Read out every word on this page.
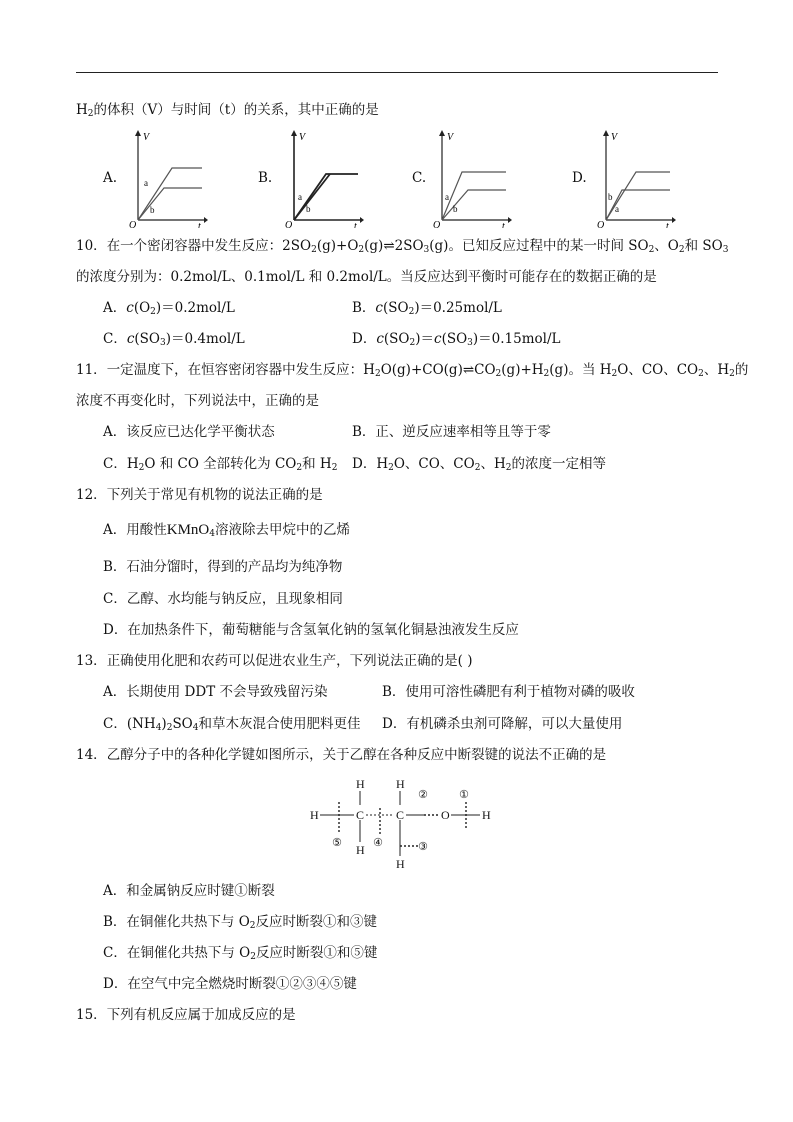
$H_2$的体积（V）与时间（t）的关系，其中正确的是
A.	B.	C.	D.
V
t
O
a
b
V
t
O
a
b
V
t
O
a
b
V
t
O
b
a
10．在一个密闭容器中发生反应：$2SO_2(g)+O_2(g)\rightleftharpoons 2SO_3(g)$。已知反应过程中的某一时间 $SO_2$、$O_2$和 $SO_3$
的浓度分别为：0.2mol/L、0.1mol/L 和 0.2mol/L。当反应达到平衡时可能存在的数据正确的是
A．$c(O_2)=0.2mol/L$	B．$c(SO_2)=0.25mol/L$
C．$c(SO_3)=0.4mol/L$	D．$c(SO_2)=c(SO_3)=0.15mol/L$
11．一定温度下，在恒容密闭容器中发生反应：$H_2O(g)+CO(g)\rightleftharpoons CO_2(g)+H_2(g)$。当 $H_2O$、CO、$CO_2$、$H_2$的
浓度不再变化时，下列说法中，正确的是
A．该反应已达化学平衡状态	B．正、逆反应速率相等且等于零
C．$H_2O$ 和 CO 全部转化为 $CO_2$和 $H_2$ D．$H_2O$、CO、$CO_2$、$H_2$的浓度一定相等
12．下列关于常见有机物的说法正确的是
A．用酸性KMnO$_4$溶液除去甲烷中的乙烯
B．石油分馏时，得到的产品均为纯净物
C．乙醇、水均能与钠反应，且现象相同
D．在加热条件下，葡萄糖能与含氢氧化钠的氢氧化铜悬浊液发生反应
13．正确使用化肥和农药可以促进农业生产，下列说法正确的是( )
A．长期使用 DDT 不会导致残留污染	B．使用可溶性磷肥有利于植物对磷的吸收
C．$(NH_4)_2SO_4$和草木灰混合使用肥料更佳 D．有机磷杀虫剂可降解，可以大量使用
14．乙醇分子中的各种化学键如图所示，关于乙醇在各种反应中断裂键的说法不正确的是
H	C	C	O	H
H	H
H
H
①
②
③
④
⑤
A．和金属钠反应时键①断裂
B．在铜催化共热下与 $O_2$反应时断裂①和③键
C．在铜催化共热下与 $O_2$反应时断裂①和⑤键
D．在空气中完全燃烧时断裂①②③④⑤键
15．下列有机反应属于加成反应的是
